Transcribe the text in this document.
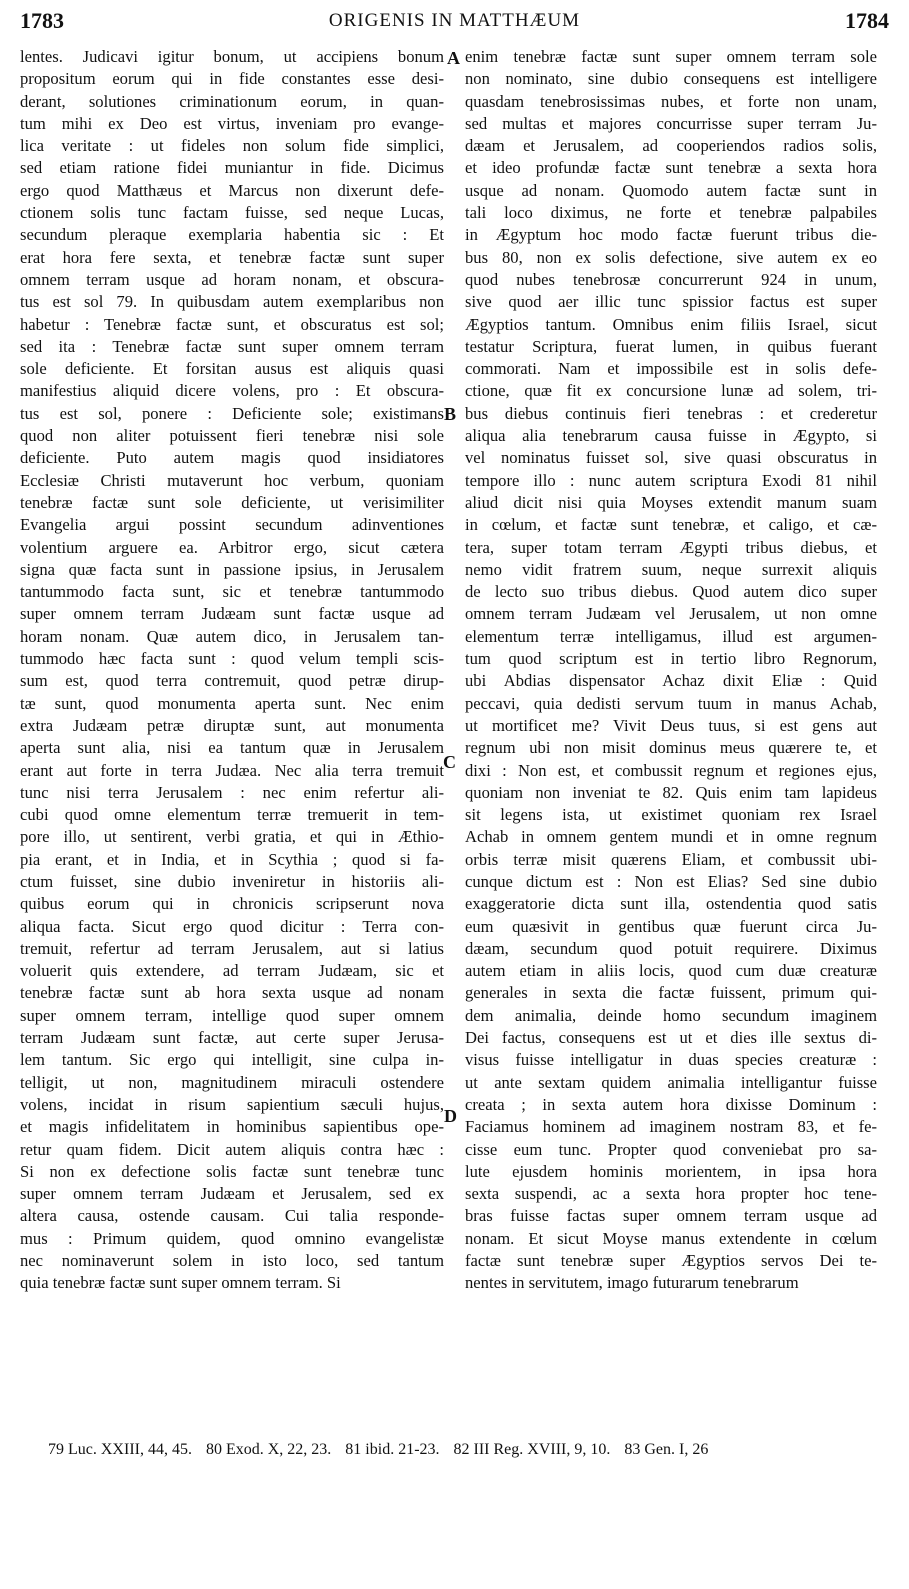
1783	ORIGENIS IN MATTHÆUM	1784
lentes. Judicavi igitur bonum, ut accipiens bonum
propositum eorum qui in fide constantes esse desi-
derant, solutiones criminationum eorum, in quan-
tum mihi ex Deo est virtus, inveniam pro evange-
lica veritate : ut fideles non solum fide simplici,
sed etiam ratione fidei muniantur in fide. Dicimus
ergo quod Matthæus et Marcus non dixerunt defe-
ctionem solis tunc factam fuisse, sed neque Lucas,
secundum pleraque exemplaria habentia sic : Et
erat hora fere sexta, et tenebræ factæ sunt super
omnem terram usque ad horam nonam, et obscura-
tus est sol 79. In quibusdam autem exemplaribus non
habetur : Tenebræ factæ sunt, et obscuratus est sol;
sed ita : Tenebræ factæ sunt super omnem terram
sole deficiente. Et forsitan ausus est aliquis quasi
manifestius aliquid dicere volens, pro : Et obscura-
tus est sol, ponere : Deficiente sole; existimans
quod non aliter potuissent fieri tenebræ nisi sole
deficiente. Puto autem magis quod insidiatores
Ecclesiæ Christi mutaverunt hoc verbum, quoniam
tenebræ factæ sunt sole deficiente, ut verisimiliter
Evangelia argui possint secundum adinventiones
volentium arguere ea. Arbitror ergo, sicut cætera
signa quæ facta sunt in passione ipsius, in Jerusalem
tantummodo facta sunt, sic et tenebræ tantummodo
super omnem terram Judæam sunt factæ usque ad
horam nonam. Quæ autem dico, in Jerusalem tan-
tummodo hæc facta sunt : quod velum templi scis-
sum est, quod terra contremuit, quod petræ dirup-
tæ sunt, quod monumenta aperta sunt. Nec enim
extra Judæam petræ diruptæ sunt, aut monumenta
aperta sunt alia, nisi ea tantum quæ in Jerusalem
erant aut forte in terra Judæa. Nec alia terra tremuit
tunc nisi terra Jerusalem : nec enim refertur ali-
cubi quod omne elementum terræ tremuerit in tem-
pore illo, ut sentirent, verbi gratia, et qui in Æthio-
pia erant, et in India, et in Scythia ; quod si fa-
ctum fuisset, sine dubio inveniretur in historiis ali-
quibus eorum qui in chronicis scripserunt nova
aliqua facta. Sicut ergo quod dicitur : Terra con-
tremuit, refertur ad terram Jerusalem, aut si latius
voluerit quis extendere, ad terram Judæam, sic et
tenebræ factæ sunt ab hora sexta usque ad nonam
super omnem terram, intellige quod super omnem
terram Judæam sunt factæ, aut certe super Jerusa-
lem tantum. Sic ergo qui intelligit, sine culpa in-
telligit, ut non, magnitudinem miraculi ostendere
volens, incidat in risum sapientium sæculi hujus,
et magis infidelitatem in hominibus sapientibus ope-
retur quam fidem. Dicit autem aliquis contra hæc :
Si non ex defectione solis factæ sunt tenebræ tunc
super omnem terram Judæam et Jerusalem, sed ex
altera causa, ostende causam. Cui talia responde-
mus : Primum quidem, quod omnino evangelistæ
nec nominaverunt solem in isto loco, sed tantum
quia tenebræ factæ sunt super omnem terram. Si
enim tenebræ factæ sunt super omnem terram sole
non nominato, sine dubio consequens est intelligere
quasdam tenebrosissimas nubes, et forte non unam,
sed multas et majores concurrisse super terram Ju-
dæam et Jerusalem, ad cooperiendos radios solis,
et ideo profundæ factæ sunt tenebræ a sexta hora
usque ad nonam. Quomodo autem factæ sunt in
tali loco diximus, ne forte et tenebræ palpabiles
in Ægyptum hoc modo factæ fuerunt tribus die-
bus 80, non ex solis defectione, sive autem ex eo
quod nubes tenebrosæ concurrerunt 924 in unum,
sive quod aer illic tunc spissior factus est super
Ægyptios tantum. Omnibus enim filiis Israel, sicut
testatur Scriptura, fuerat lumen, in quibus fuerant
commorati. Nam et impossibile est in solis defe-
ctione, quæ fit ex concursione lunæ ad solem, tri-
bus diebus continuis fieri tenebras : et crederetur
aliqua alia tenebrarum causa fuisse in Ægypto, si
vel nominatus fuisset sol, sive quasi obscuratus in
tempore illo : nunc autem scriptura Exodi 81 nihil
aliud dicit nisi quia Moyses extendit manum suam
in cœlum, et factæ sunt tenebræ, et caligo, et cæ-
tera, super totam terram Ægypti tribus diebus, et
nemo vidit fratrem suum, neque surrexit aliquis
de lecto suo tribus diebus. Quod autem dico super
omnem terram Judæam vel Jerusalem, ut non omne
elementum terræ intelligamus, illud est argumen-
tum quod scriptum est in tertio libro Regnorum,
ubi Abdias dispensator Achaz dixit Eliæ : Quid
peccavi, quia dedisti servum tuum in manus Achab,
ut mortificet me? Vivit Deus tuus, si est gens aut
regnum ubi non misit dominus meus quærere te, et
dixi : Non est, et combussit regnum et regiones ejus,
quoniam non inveniat te 82. Quis enim tam lapideus
sit legens ista, ut existimet quoniam rex Israel
Achab in omnem gentem mundi et in omne regnum
orbis terræ misit quærens Eliam, et combussit ubi-
cunque dictum est : Non est Elias? Sed sine dubio
exaggeratorie dicta sunt illa, ostendentia quod satis
eum quæsivit in gentibus quæ fuerunt circa Ju-
dæam, secundum quod potuit requirere. Diximus
autem etiam in aliis locis, quod cum duæ creaturæ
generales in sexta die factæ fuissent, primum qui-
dem animalia, deinde homo secundum imaginem
Dei factus, consequens est ut et dies ille sextus di-
visus fuisse intelligatur in duas species creaturæ :
ut ante sextam quidem animalia intelligantur fuisse
creata ; in sexta autem hora dixisse Dominum :
Faciamus hominem ad imaginem nostram 83, et fe-
cisse eum tunc. Propter quod conveniebat pro sa-
lute ejusdem hominis morientem, in ipsa hora
sexta suspendi, ac a sexta hora propter hoc tene-
bras fuisse factas super omnem terram usque ad
nonam. Et sicut Moyse manus extendente in cœlum
factæ sunt tenebræ super Ægyptios servos Dei te-
nentes in servitutem, imago futurarum tenebrarum
A
B
C
D
79 Luc. XXIII, 44, 45. 80 Exod. X, 22, 23. 81 ibid. 21-23. 82 III Reg. XVIII, 9, 10. 83 Gen. I, 26
